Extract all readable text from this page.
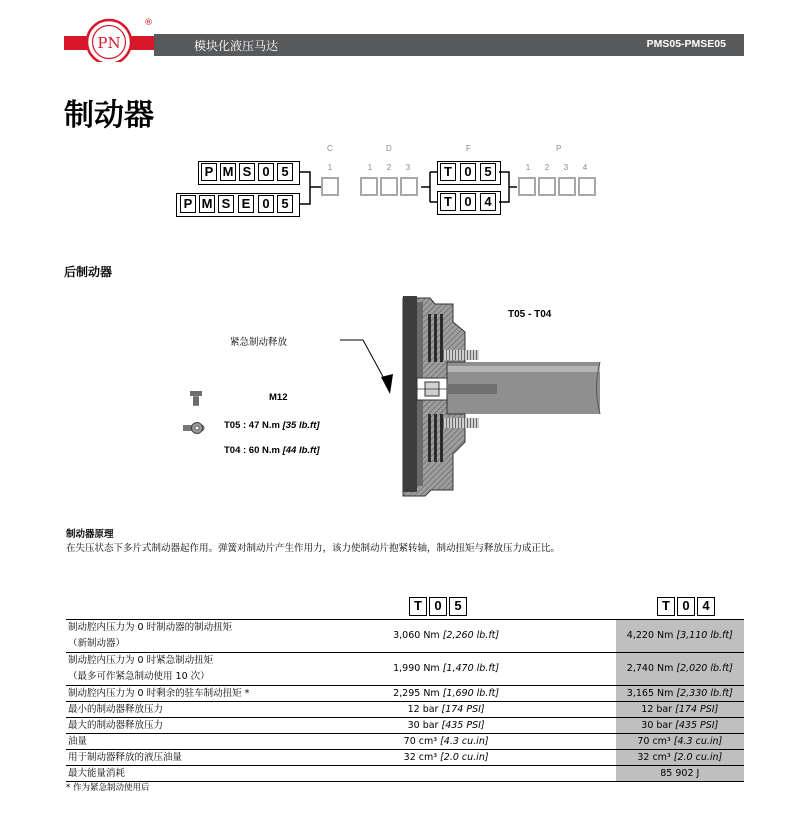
PN
®
模块化液压马达	PMS05-PMSE05
制动器
C	D	F	P
1	1	2	3	1	2	3	4
P M S 0 5
P M S E 0 5
T 0 5
T 0 4
后制动器
紧急制动释放
T05 - T04
M12
T05 : 47 N.m [35 lb.ft]
T04 : 60 N.m [44 lb.ft]
制动器原理
在失压状态下多片式制动器起作用。弹簧对制动片产生作用力，该力使制动片抱紧转轴，制动扭矩与释放压力成正比。
T 0 5	T 0 4
制动腔内压力为 0 时制动器的制动扭矩
（新制动器）	3,060 Nm [2,260 lb.ft]		4,220 Nm [3,110 lb.ft]
制动腔内压力为 0 时紧急制动扭矩
（最多可作紧急制动使用 10 次）	1,990 Nm [1,470 lb.ft]		2,740 Nm [2,020 lb.ft]
制动腔内压力为 0 时剩余的驻车制动扭矩 *	2,295 Nm [1,690 lb.ft]		3,165 Nm [2,330 lb.ft]
最小的制动器释放压力	12 bar [174 PSI]		12 bar [174 PSI]
最大的制动器释放压力	30 bar [435 PSI]		30 bar [435 PSI]
油量	70 cm³ [4.3 cu.in]		70 cm³ [4.3 cu.in]
用于制动器释放的液压油量	32 cm³ [2.0 cu.in]		32 cm³ [2.0 cu.in]
最大能量消耗			85 902 J
* 作为紧急制动使用后
